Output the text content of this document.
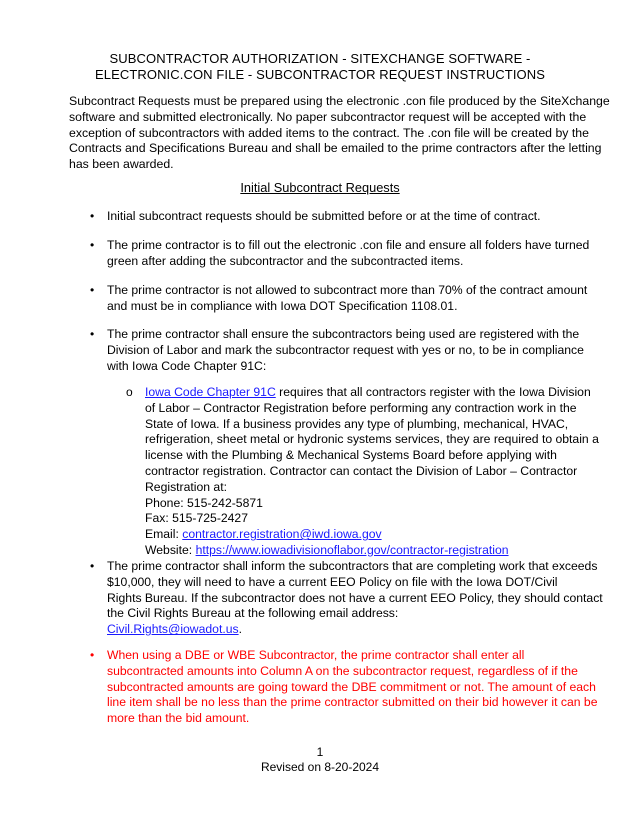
SUBCONTRACTOR AUTHORIZATION - SITEXCHANGE SOFTWARE -
ELECTRONIC.CON FILE - SUBCONTRACTOR REQUEST INSTRUCTIONS
Subcontract Requests must be prepared using the electronic .con file produced by the SiteXchange
software and submitted electronically. No paper subcontractor request will be accepted with the
exception of subcontractors with added items to the contract. The .con file will be created by the
Contracts and Specifications Bureau and shall be emailed to the prime contractors after the letting
has been awarded.
Initial Subcontract Requests
• Initial subcontract requests should be submitted before or at the time of contract.
• The prime contractor is to fill out the electronic .con file and ensure all folders have turned
green after adding the subcontractor and the subcontracted items.
• The prime contractor is not allowed to subcontract more than 70% of the contract amount
and must be in compliance with Iowa DOT Specification 1108.01.
• The prime contractor shall ensure the subcontractors being used are registered with the
Division of Labor and mark the subcontractor request with yes or no, to be in compliance
with Iowa Code Chapter 91C:
o Iowa Code Chapter 91C requires that all contractors register with the Iowa Division
of Labor – Contractor Registration before performing any contraction work in the
State of Iowa. If a business provides any type of plumbing, mechanical, HVAC,
refrigeration, sheet metal or hydronic systems services, they are required to obtain a
license with the Plumbing & Mechanical Systems Board before applying with
contractor registration. Contractor can contact the Division of Labor – Contractor
Registration at:
Phone: 515-242-5871
Fax: 515-725-2427
Email: contractor.registration@iwd.iowa.gov
Website: https://www.iowadivisionoflabor.gov/contractor-registration
• The prime contractor shall inform the subcontractors that are completing work that exceeds
$10,000, they will need to have a current EEO Policy on file with the Iowa DOT/Civil
Rights Bureau. If the subcontractor does not have a current EEO Policy, they should contact
the Civil Rights Bureau at the following email address:
Civil.Rights@iowadot.us.
• When using a DBE or WBE Subcontractor, the prime contractor shall enter all
subcontracted amounts into Column A on the subcontractor request, regardless of if the
subcontracted amounts are going toward the DBE commitment or not. The amount of each
line item shall be no less than the prime contractor submitted on their bid however it can be
more than the bid amount.
1
Revised on 8-20-2024
